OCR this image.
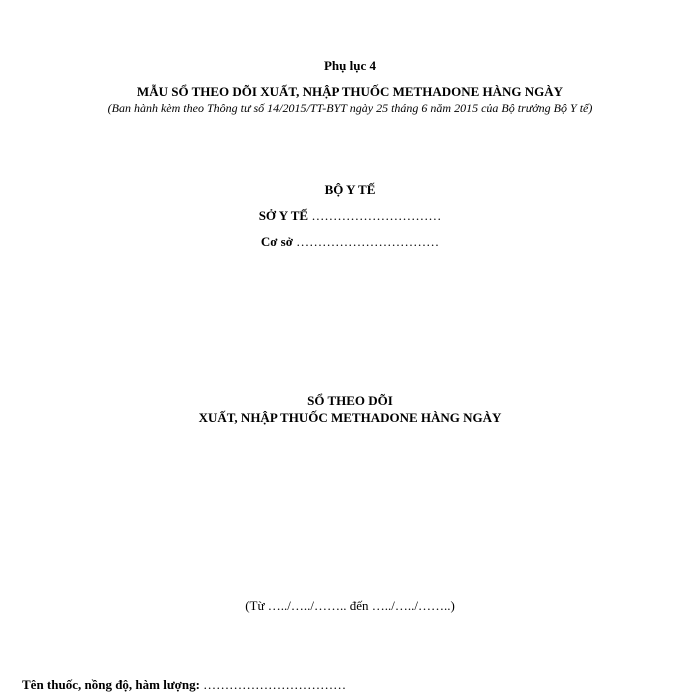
Phụ lục 4
MẪU SỔ THEO DÕI XUẤT, NHẬP THUỐC METHADONE HÀNG NGÀY
(Ban hành kèm theo Thông tư số 14/2015/TT-BYT ngày 25 tháng 6 năm 2015 của Bộ trưởng Bộ Y tế)
BỘ Y TẾ
SỞ Y TẾ …………………………
Cơ sở ……………………………
SỔ THEO DÕI
XUẤT, NHẬP THUỐC METHADONE HÀNG NGÀY
(Từ …../…../…….. đến …../…../……..)
Tên thuốc, nồng độ, hàm lượng: ……………………………
